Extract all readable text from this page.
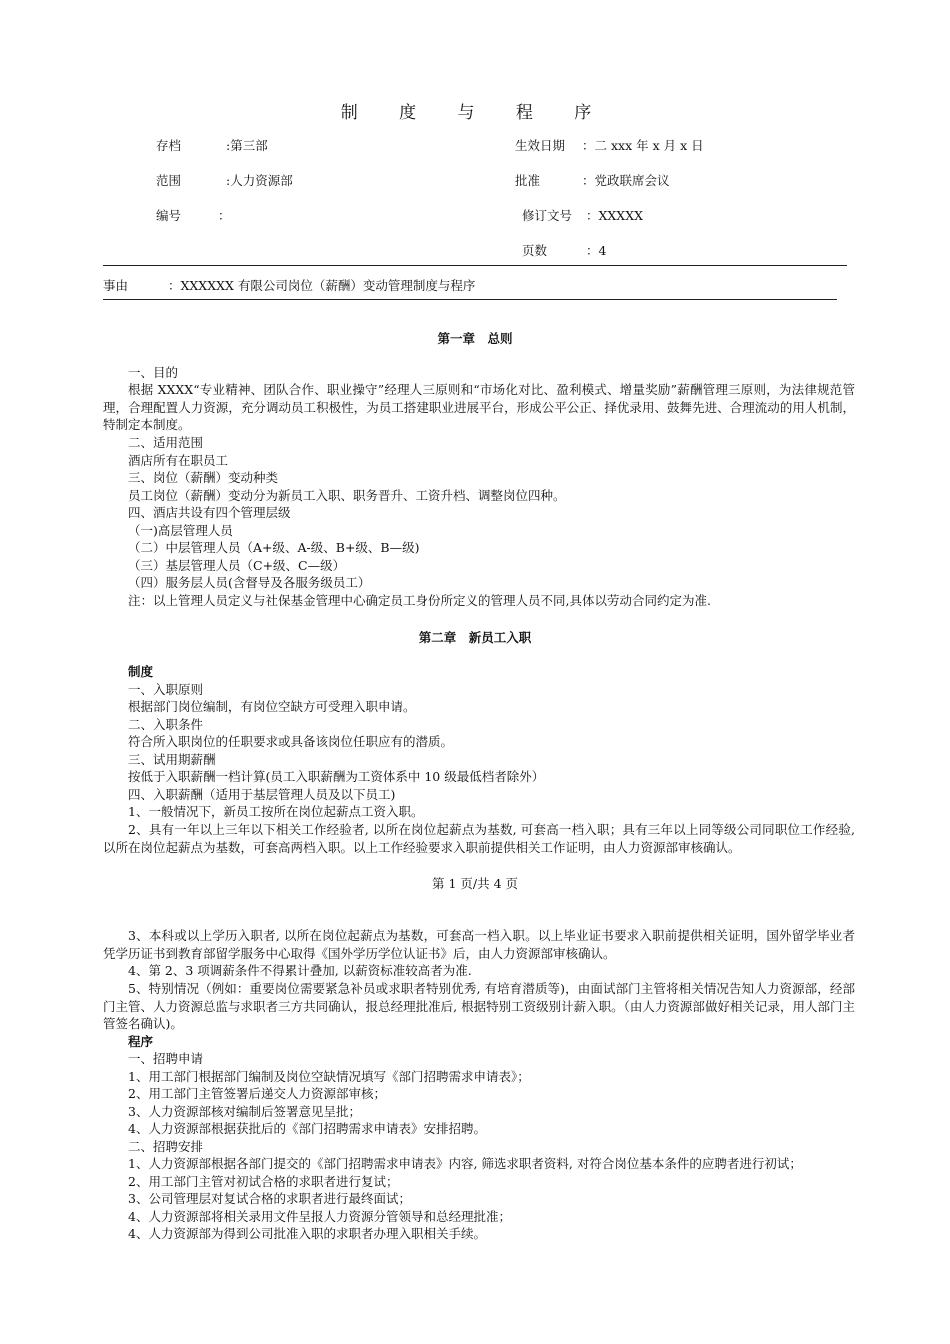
制 度 与 程 序
存档	:第三部	生效日期 ：二 xxx 年 x 月 x 日
范围	:人力资源部	批准	：党政联席会议
编号	：	修订文号 ：XXXXX
页数	：4
事由	：XXXXXX 有限公司岗位（薪酬）变动管理制度与程序
第一章　总则
一、目的
根据 XXXX“专业精神、团队合作、职业操守”经理人三原则和“市场化对比、盈利模式、增量奖励”薪酬管理三原则，为法律规范管理，合理配置人力资源，充分调动员工积极性，为员工搭建职业进展平台，形成公平公正、择优录用、鼓舞先进、合理流动的用人机制，特制定本制度。
二、适用范围
酒店所有在职员工
三、岗位（薪酬）变动种类
员工岗位（薪酬）变动分为新员工入职、职务晋升、工资升档、调整岗位四种。
四、酒店共设有四个管理层级
（一)高层管理人员
（二）中层管理人员（A+级、A-级、B+级、B—级)
（三）基层管理人员（C+级、C—级）
（四）服务层人员(含督导及各服务级员工）
注：以上管理人员定义与社保基金管理中心确定员工身份所定义的管理人员不同,具体以劳动合同约定为准.
第二章　新员工入职
制度
一、入职原则
根据部门岗位编制，有岗位空缺方可受理入职申请。
二、入职条件
符合所入职岗位的任职要求或具备该岗位任职应有的潜质。
三、试用期薪酬
按低于入职薪酬一档计算(员工入职薪酬为工资体系中 10 级最低档者除外）
四、入职薪酬（适用于基层管理人员及以下员工)
1、一般情况下，新员工按所在岗位起薪点工资入职。
2、具有一年以上三年以下相关工作经验者, 以所在岗位起薪点为基数, 可套高一档入职；具有三年以上同等级公司同职位工作经验, 以所在岗位起薪点为基数，可套高两档入职。以上工作经验要求入职前提供相关工作证明，由人力资源部审核确认。
第 1 页/共 4 页
3、本科或以上学历入职者, 以所在岗位起薪点为基数，可套高一档入职。以上毕业证书要求入职前提供相关证明，国外留学毕业者凭学历证书到教育部留学服务中心取得《国外学历学位认证书》后，由人力资源部审核确认。
4、第 2、3 项调薪条件不得累计叠加, 以薪资标准较高者为准.
5、特别情况（例如：重要岗位需要紧急补员或求职者特别优秀, 有培育潜质等)，由面试部门主管将相关情况告知人力资源部，经部门主管、人力资源总监与求职者三方共同确认，报总经理批准后, 根据特别工资级别计薪入职。（由人力资源部做好相关记录，用人部门主管签名确认)。
程序
一、招聘申请
1、用工部门根据部门编制及岗位空缺情况填写《部门招聘需求申请表》；
2、用工部门主管签署后递交人力资源部审核；
3、人力资源部核对编制后签署意见呈批；
4、人力资源部根据获批后的《部门招聘需求申请表》安排招聘。
二、招聘安排
1、人力资源部根据各部门提交的《部门招聘需求申请表》内容, 筛选求职者资料, 对符合岗位基本条件的应聘者进行初试；
2、用工部门主管对初试合格的求职者进行复试；
3、公司管理层对复试合格的求职者进行最终面试；
4、人力资源部将相关录用文件呈报人力资源分管领导和总经理批准；
4、人力资源部为得到公司批准入职的求职者办理入职相关手续。
